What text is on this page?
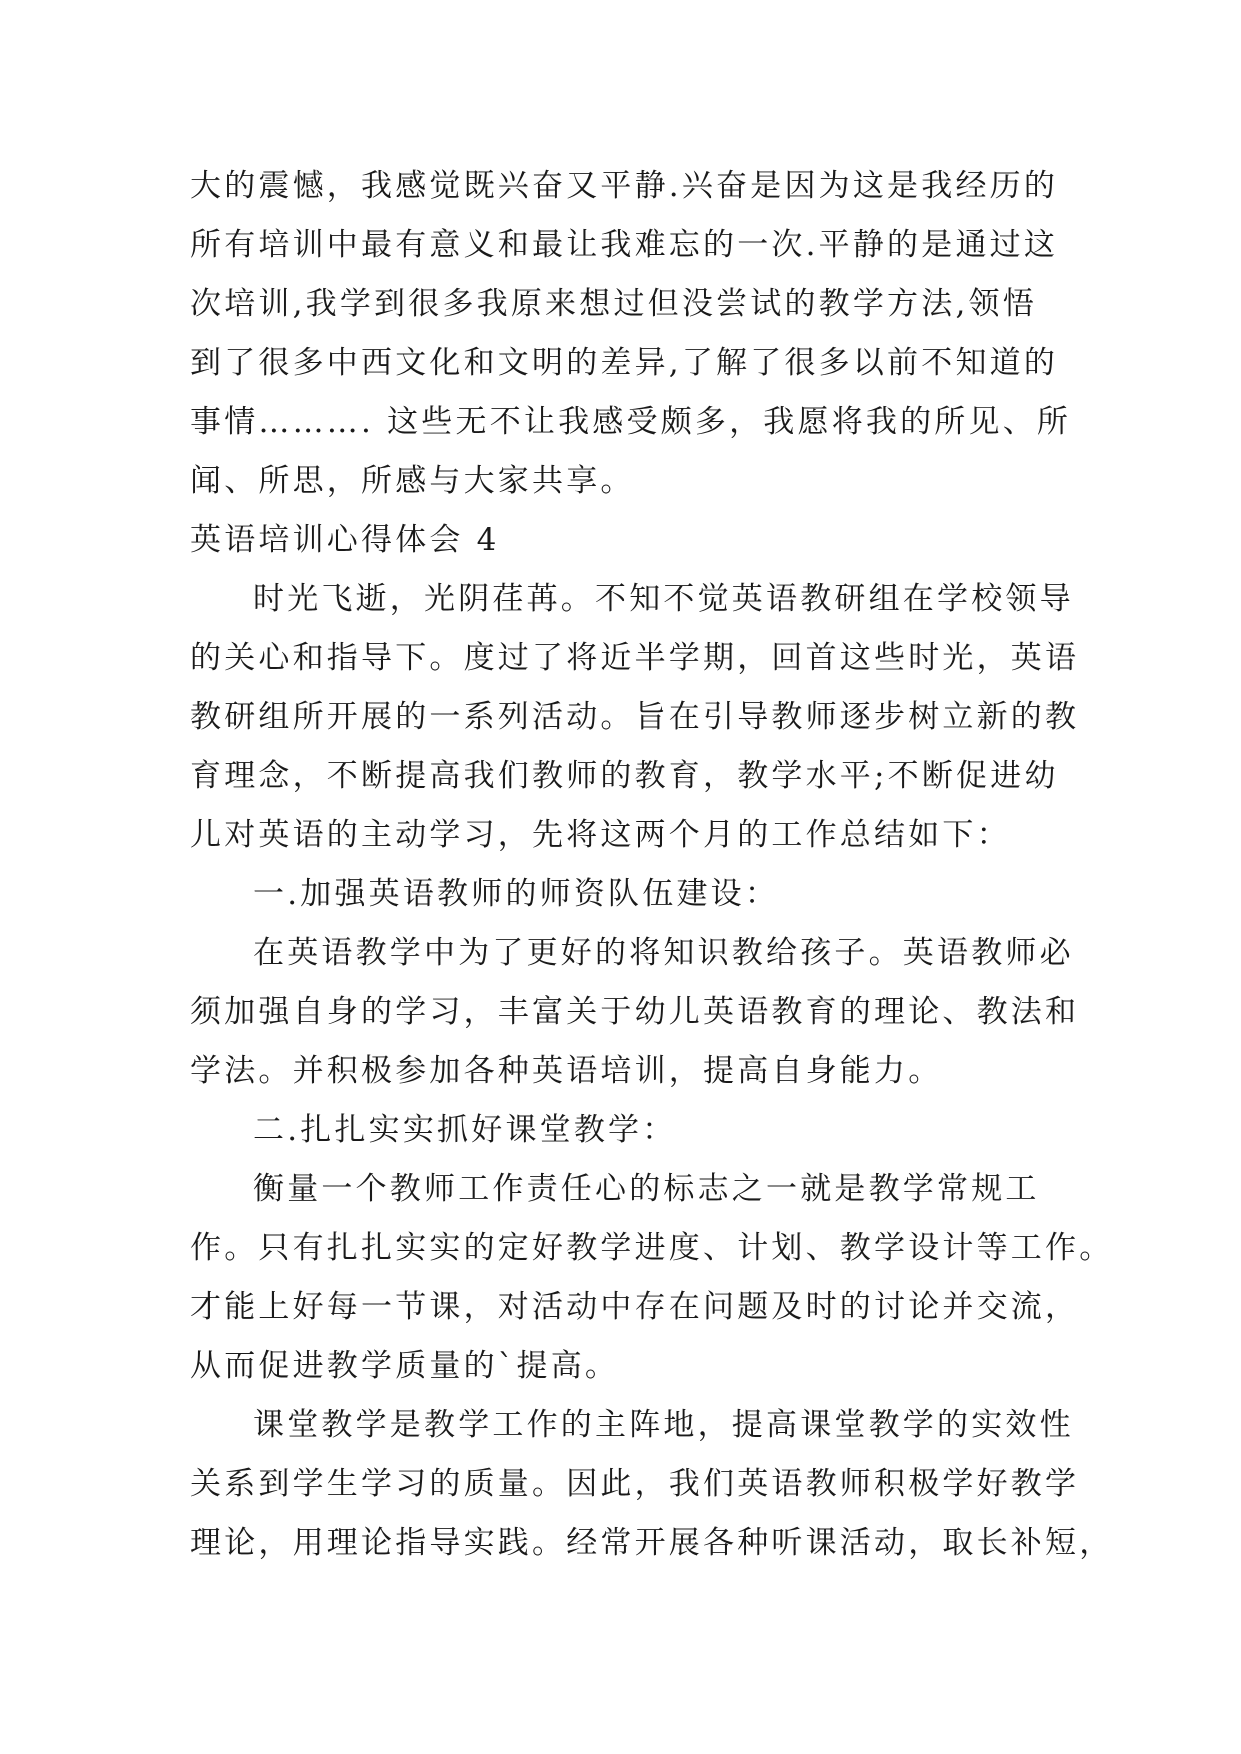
大的震憾，我感觉既兴奋又平静.兴奋是因为这是我经历的
所有培训中最有意义和最让我难忘的一次.平静的是通过这
次培训,我学到很多我原来想过但没尝试的教学方法,领悟
到了很多中西文化和文明的差异,了解了很多以前不知道的
事情………. 这些无不让我感受颇多，我愿将我的所见、所
闻、所思，所感与大家共享。
英语培训心得体会 4
时光飞逝，光阴荏苒。不知不觉英语教研组在学校领导
的关心和指导下。度过了将近半学期，回首这些时光，英语
教研组所开展的一系列活动。旨在引导教师逐步树立新的教
育理念，不断提高我们教师的教育，教学水平;不断促进幼
儿对英语的主动学习，先将这两个月的工作总结如下：
一.加强英语教师的师资队伍建设：
在英语教学中为了更好的将知识教给孩子。英语教师必
须加强自身的学习，丰富关于幼儿英语教育的理论、教法和
学法。并积极参加各种英语培训，提高自身能力。
二.扎扎实实抓好课堂教学：
衡量一个教师工作责任心的标志之一就是教学常规工
作。只有扎扎实实的定好教学进度、计划、教学设计等工作。
才能上好每一节课，对活动中存在问题及时的讨论并交流，
从而促进教学质量的`提高。
课堂教学是教学工作的主阵地，提高课堂教学的实效性
关系到学生学习的质量。因此，我们英语教师积极学好教学
理论，用理论指导实践。经常开展各种听课活动，取长补短，
